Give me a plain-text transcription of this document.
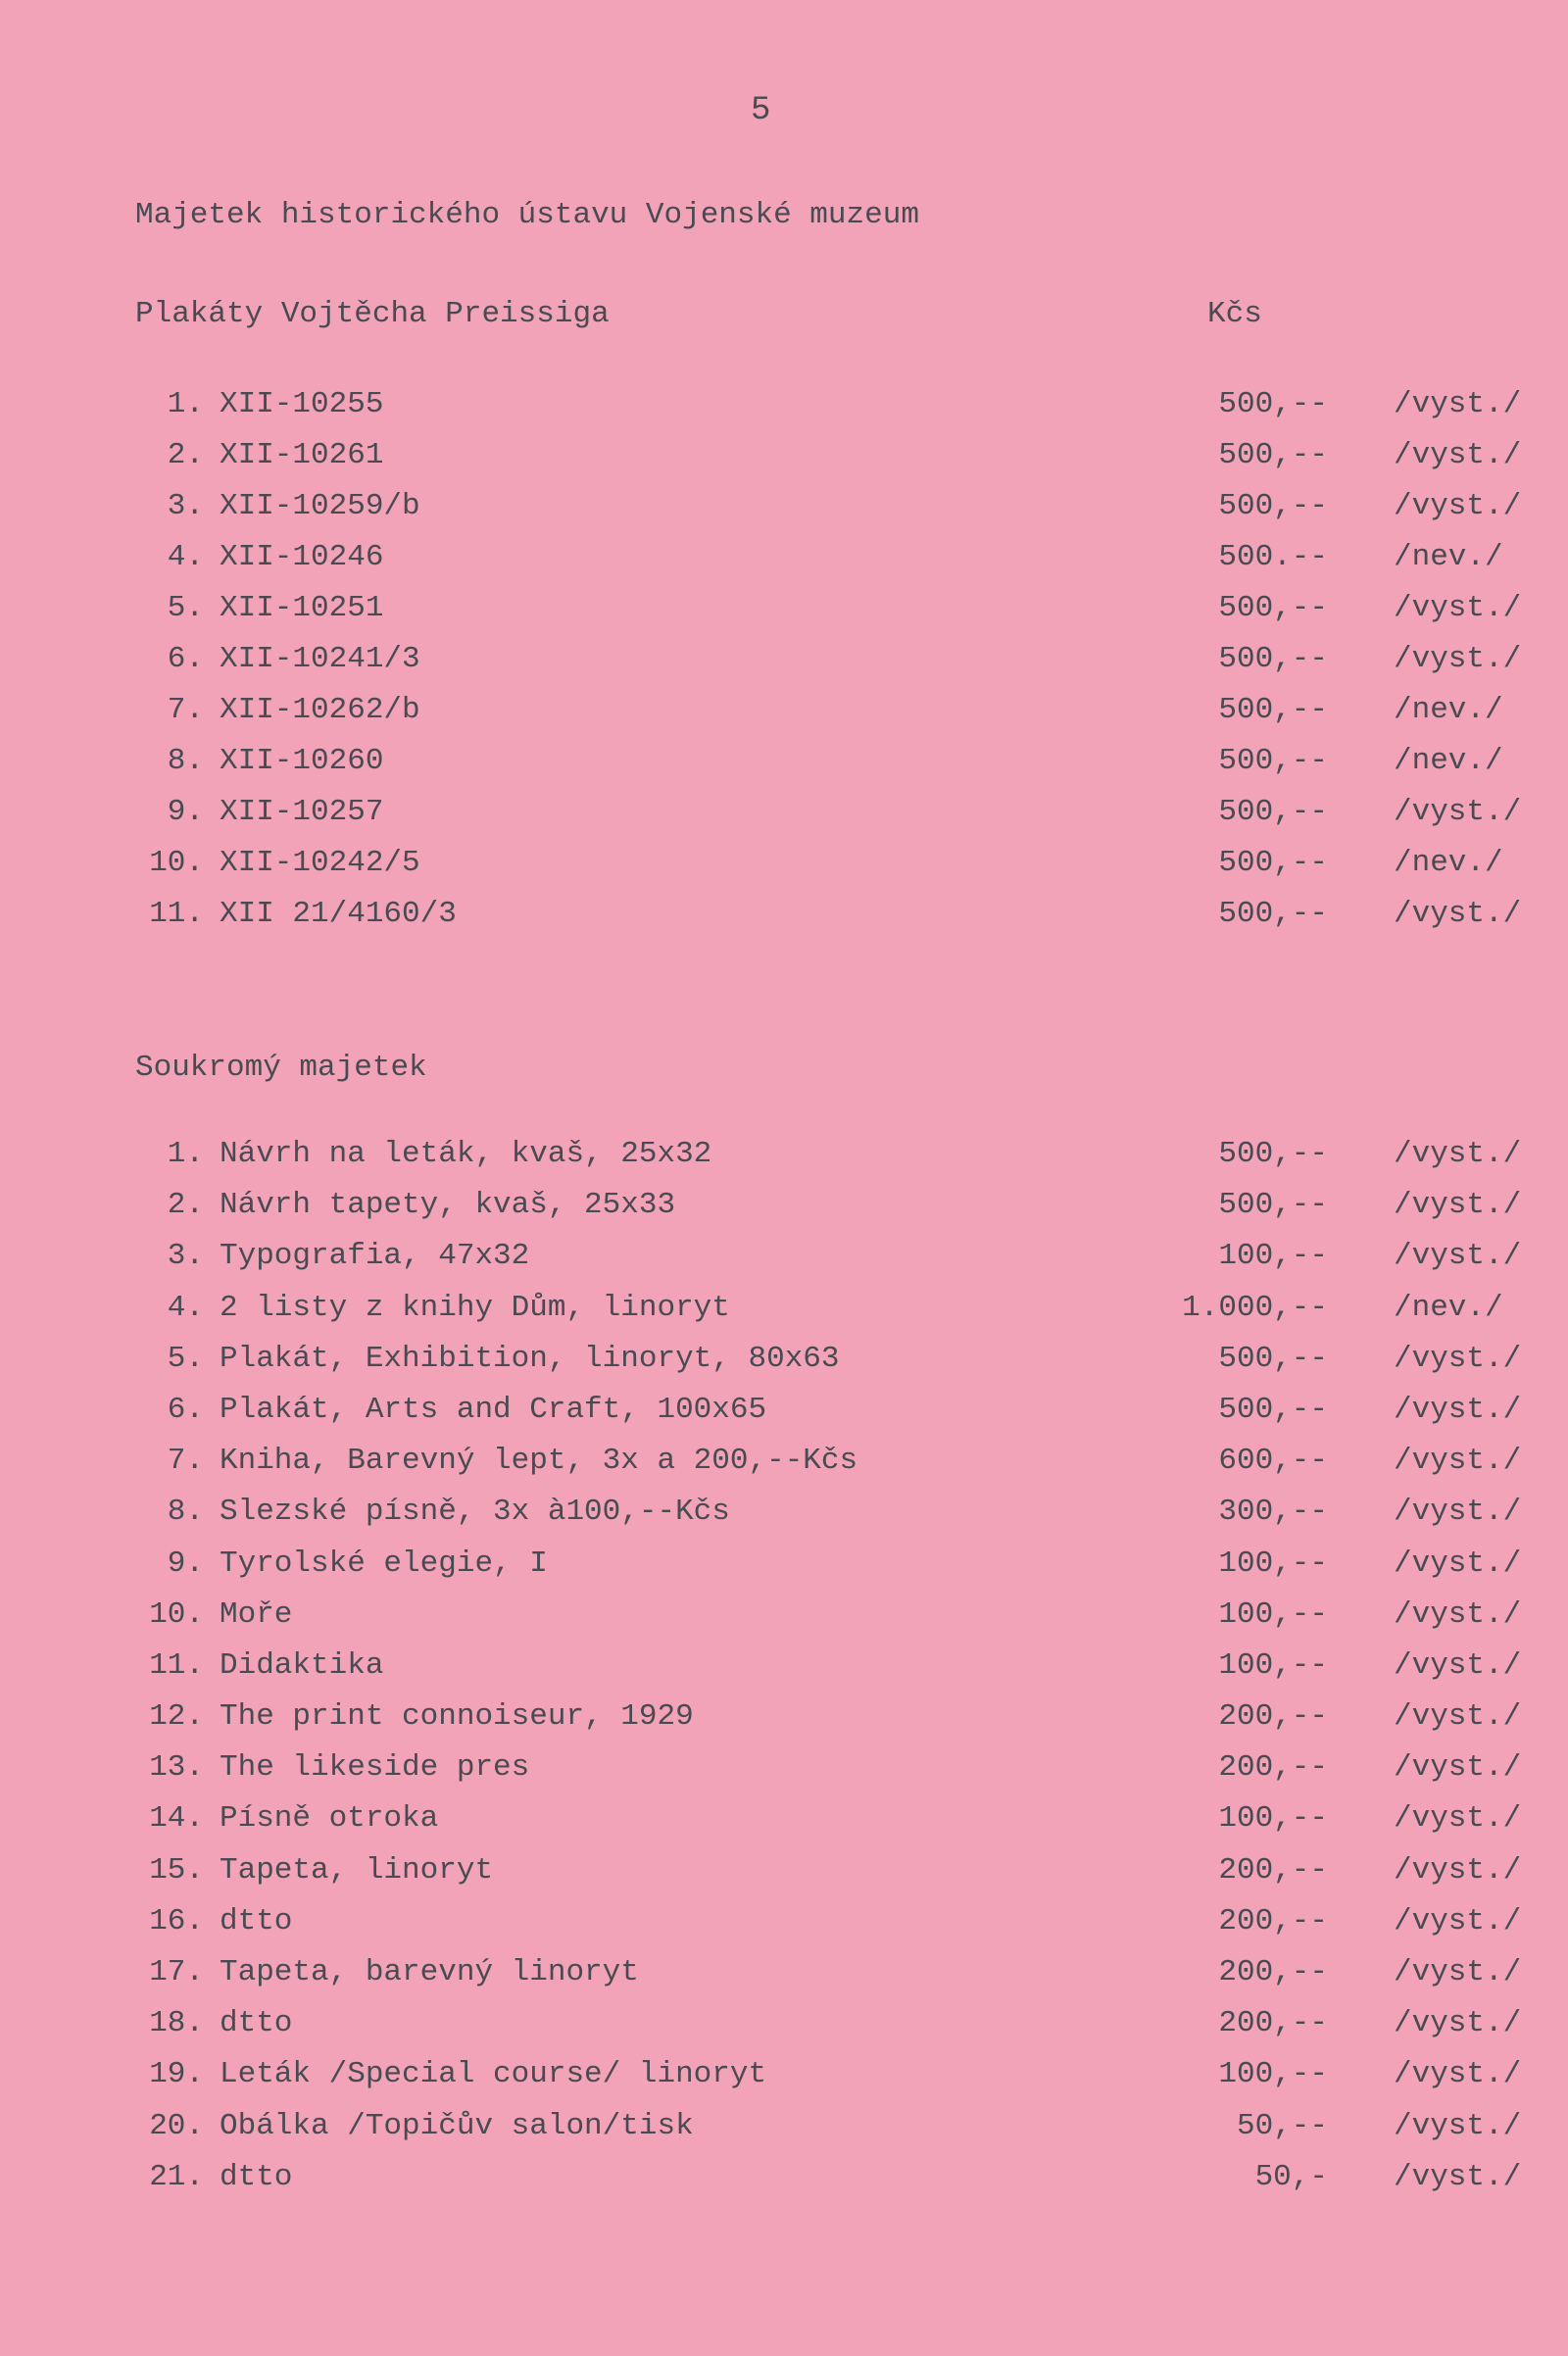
5
Majetek historického ústavu Vojenské muzeum
Plakáty Vojtěcha Preissiga	Kčs
1. XII-10255	500,-- /vyst./
2. XII-10261	500,-- /vyst./
3. XII-10259/b	500,-- /vyst./
4. XII-10246	500.-- /nev./
5. XII-10251	500,-- /vyst./
6. XII-10241/3	500,-- /vyst./
7. XII-10262/b	500,-- /nev./
8. XII-10260	500,-- /nev./
9. XII-10257	500,-- /vyst./
10. XII-10242/5	500,-- /nev./
11. XII 21/4160/3	500,-- /vyst./
Soukromý majetek
1. Návrh na leták, kvaš, 25x32	500,-- /vyst./
2. Návrh tapety, kvaš, 25x33	500,-- /vyst./
3. Typografia, 47x32	100,-- /vyst./
4. 2 listy z knihy Dům, linoryt	1.000,-- /nev./
5. Plakát, Exhibition, linoryt, 80x63	500,-- /vyst./
6. Plakát, Arts and Craft, 100x65	500,-- /vyst./
7. Kniha, Barevný lept, 3x a 200,--Kčs	600,-- /vyst./
8. Slezské písně, 3x à100,--Kčs	300,-- /vyst./
9. Tyrolské elegie, I	100,-- /vyst./
10. Moře	100,-- /vyst./
11. Didaktika	100,-- /vyst./
12. The print connoiseur, 1929	200,-- /vyst./
13. The likeside pres	200,-- /vyst./
14. Písně otroka	100,-- /vyst./
15. Tapeta, linoryt	200,-- /vyst./
16. dtto	200,-- /vyst./
17. Tapeta, barevný linoryt	200,-- /vyst./
18. dtto	200,-- /vyst./
19. Leták /Special course/ linoryt	100,-- /vyst./
20. Obálka /Topičův salon/tisk	50,-- /vyst./
21. dtto	50,- /vyst./
